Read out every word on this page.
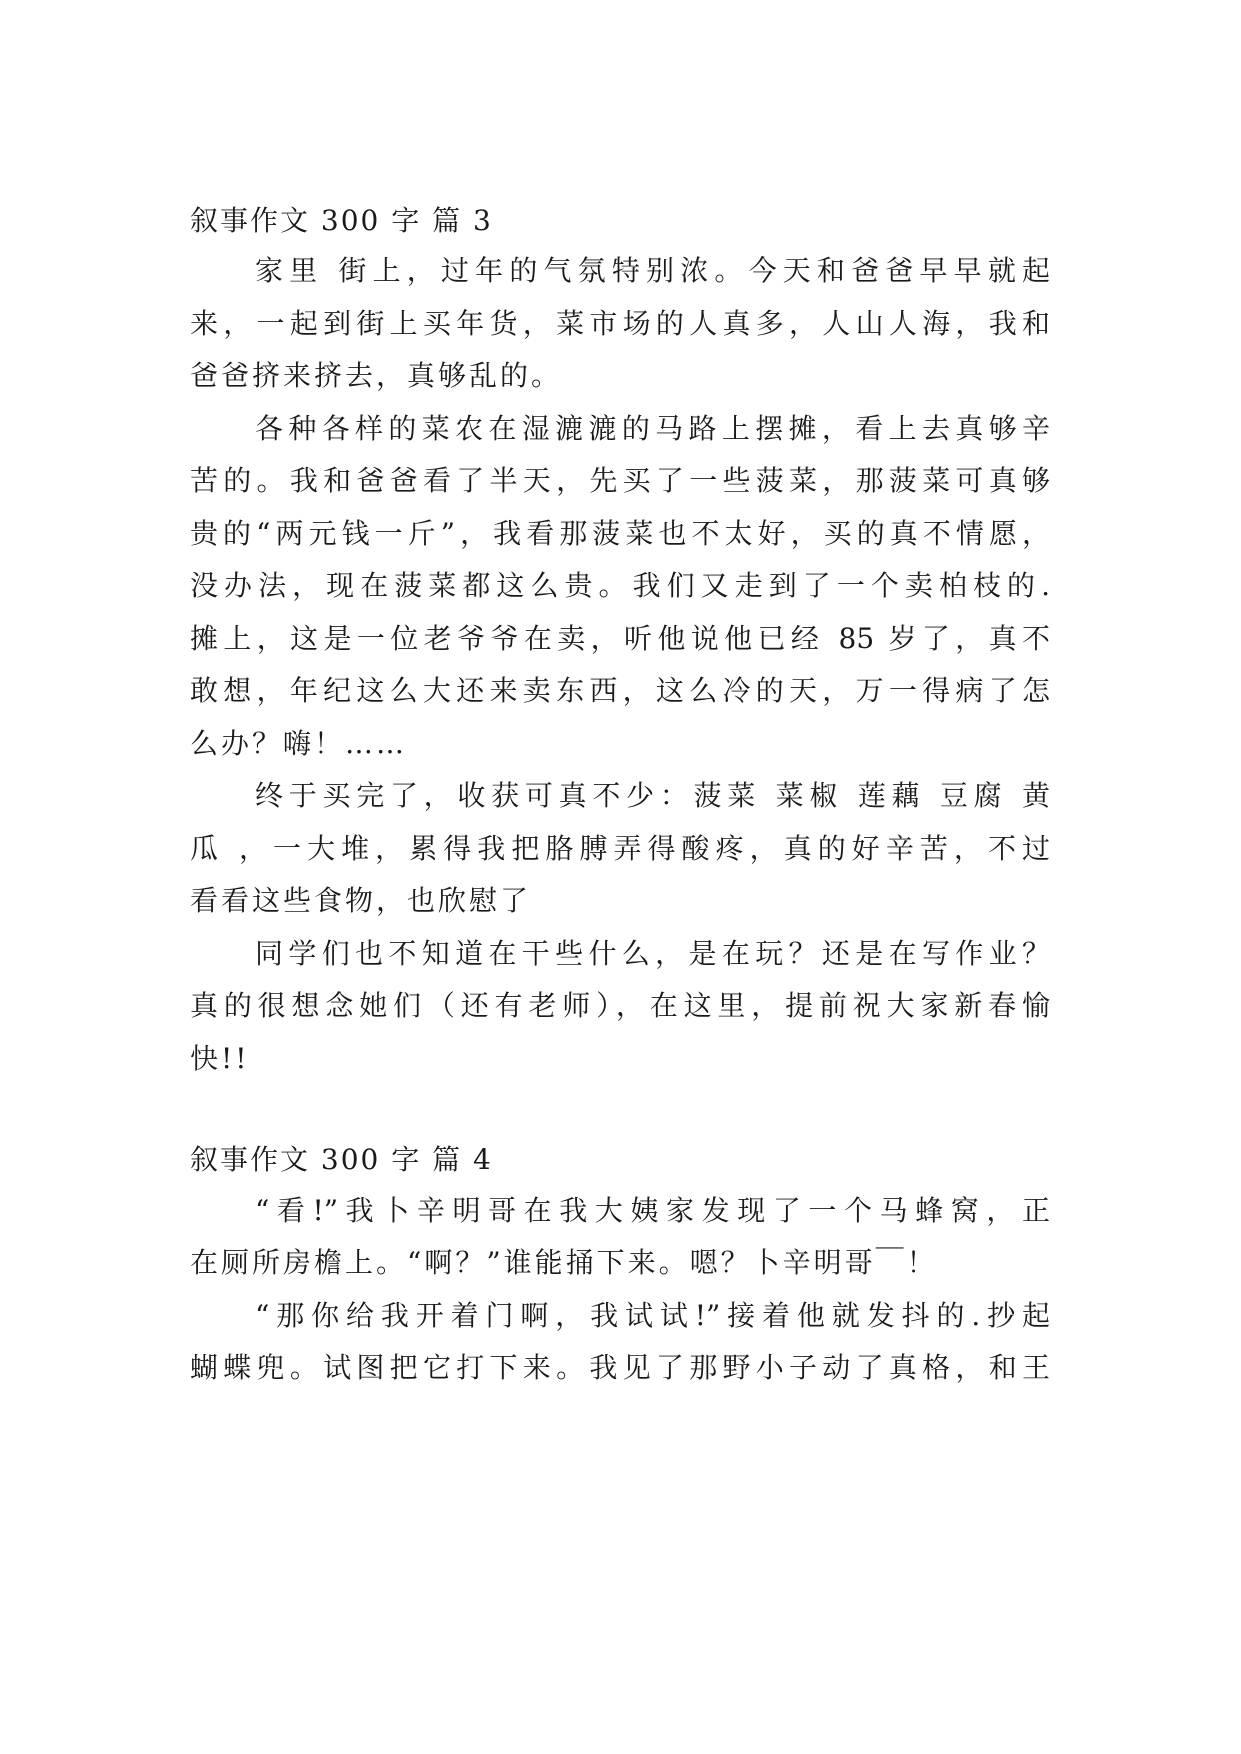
叙事作文 300 字 篇 3
家里 街上，过年的气氛特别浓。今天和爸爸早早就起
来，一起到街上买年货，菜市场的人真多，人山人海，我和
爸爸挤来挤去，真够乱的。
各种各样的菜农在湿漉漉的马路上摆摊，看上去真够辛
苦的。我和爸爸看了半天，先买了一些菠菜，那菠菜可真够
贵的“两元钱一斤”，我看那菠菜也不太好，买的真不情愿，
没办法，现在菠菜都这么贵。我们又走到了一个卖柏枝的.
摊上，这是一位老爷爷在卖，听他说他已经 85 岁了，真不
敢想，年纪这么大还来卖东西，这么冷的天，万一得病了怎
么办？嗨！……
终于买完了，收获可真不少：菠菜 菜椒 莲藕 豆腐 黄
瓜 ，一大堆，累得我把胳膊弄得酸疼，真的好辛苦，不过
看看这些食物，也欣慰了
同学们也不知道在干些什么，是在玩？还是在写作业？
真的很想念她们（还有老师），在这里，提前祝大家新春愉
快!!
叙事作文 300 字 篇 4
“看!”我卜辛明哥在我大姨家发现了一个马蜂窝，正
在厕所房檐上。“啊？”谁能捅下来。嗯？卜辛明哥￣！
“那你给我开着门啊，我试试!”接着他就发抖的.抄起
蝴蝶兜。试图把它打下来。我见了那野小子动了真格，和王
